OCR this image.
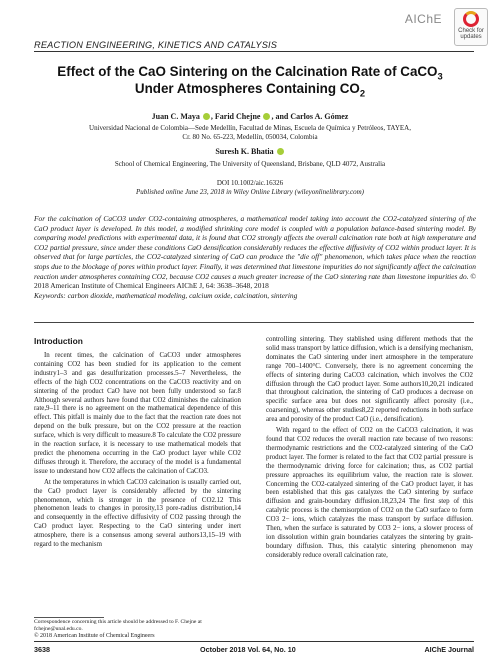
AIChE
Check for
updates
REACTION ENGINEERING, KINETICS AND CATALYSIS
Effect of the CaO Sintering on the Calcination Rate of CaCO$_3$
Under Atmospheres Containing $CO_2$
Juan C. Maya , Farid Chejne , and Carlos A. Gómez
Universidad Nacional de Colombia—Sede Medellín, Facultad de Minas, Escuela de Química y Petróleos, TAYEA,
Cr. 80 No. 65-223, Medellín, 050034, Colombia
Suresh K. Bhatia
School of Chemical Engineering, The University of Queensland, Brisbane, QLD 4072, Australia
DOI 10.1002/aic.16326
Published online June 23, 2018 in Wiley Online Library (wileyonlinelibrary.com)
For the calcination of CaCO3 under CO2-containing atmospheres, a mathematical model taking into account the CO2-catalyzed sintering of the CaO product layer is developed. In this model, a modified shrinking core model is coupled with a population balance-based sintering model. By comparing model predictions with experimental data, it is found that CO2 strongly affects the overall calcination rate both at high temperature and CO2 partial pressure, since under these conditions CaO densification considerably reduces the effective diffusivity of CO2 within product layer. It is observed that for large particles, the CO2-catalyzed sintering of CaO can produce the "die off" phenomenon, which takes place when the reaction stops due to the blockage of pores within product layer. Finally, it was determined that limestone impurities do not significantly affect the calcination reaction under atmospheres containing CO2, because CO2 causes a much greater increase of the CaO sintering rate than limestone impurities do. © 2018 American Institute of Chemical Engineers AIChE J, 64: 3638–3648, 2018
Keywords: carbon dioxide, mathematical modeling, calcium oxide, calcination, sintering
Introduction

In recent times, the calcination of CaCO3 under atmospheres containing CO2 has been studied for its application to the cement industry1–3 and gas desulfurization processes.5–7 Nevertheless, the effects of the high CO2 concentrations on the CaCO3 reactivity and on sintering of the product CaO have not been fully understood so far.8 Although several authors have found that CO2 diminishes the calcination rate,9–11 there is no agreement on the mathematical dependence of this effect. This pitfall is mainly due to the fact that the reaction rate does not depend on the bulk pressure, but on the CO2 pressure at the reaction surface, which is very difficult to measure.8 To calculate the CO2 pressure in the reaction surface, it is necessary to use mathematical models that predict the phenomena occurring in the CaO product layer while CO2 diffuses through it. Therefore, the accuracy of the model is a fundamental issue to understand how CO2 affects the calcination of CaCO3.

At the temperatures in which CaCO3 calcination is usually carried out, the CaO product layer is considerably affected by the sintering phenomenon, which is stronger in the presence of CO2.12 This phenomenon leads to changes in porosity,13 pore-radius distribution,14 and consequently in the effective diffusivity of CO2 passing through the CaO product layer. Respecting to the CaO sintering under inert atmosphere, there is a consensus among several authors13,15–19 with regard to the mechanism

controlling sintering. They stablished using different methods that the solid mass transport by lattice diffusion, which is a densifying mechanism, dominates the CaO sintering under inert atmosphere in the temperature range 700–1400°C. Conversely, there is no agreement concerning the effects of sintering during CaCO3 calcination, which involves the CO2 diffusion through the CaO product layer. Some authors10,20,21 indicated that throughout calcination, the sintering of CaO produces a decrease on specific surface area but does not significantly affect porosity (i.e., coarsening), whereas other studies8,22 reported reductions in both surface area and porosity of the product CaO (i.e., densification).

With regard to the effect of CO2 on the CaCO3 calcination, it was found that CO2 reduces the overall reaction rate because of two reasons: thermodynamic restrictions and the CO2-catalyzed sintering of the CaO product layer. The former is related to the fact that CO2 partial pressure is the thermodynamic driving force for calcination; thus, as CO2 partial pressure approaches its equilibrium value, the reaction rate is slower. Concerning the CO2-catalyzed sintering of the CaO product layer, it has been established that this gas catalyzes the CaO sintering by surface diffusion and grain-boundary diffusion.18,23,24 The first step of this catalytic process is the chemisorption of CO2 on the CaO surface to form CO3 2− ions, which catalyzes the mass transport by surface diffusion. Then, when the surface is saturated by CO3 2− ions, a slower process of ion dissolution within grain boundaries catalyzes the sintering by grain-boundary diffusion. Thus, this catalytic sintering phenomenon may considerably reduce overall calcination rate,

Correspondence concerning this article should be addressed to F. Chejne at fchejne@unal.edu.co.
© 2018 American Institute of Chemical Engineers
3638	October 2018 Vol. 64, No. 10	AIChE Journal
